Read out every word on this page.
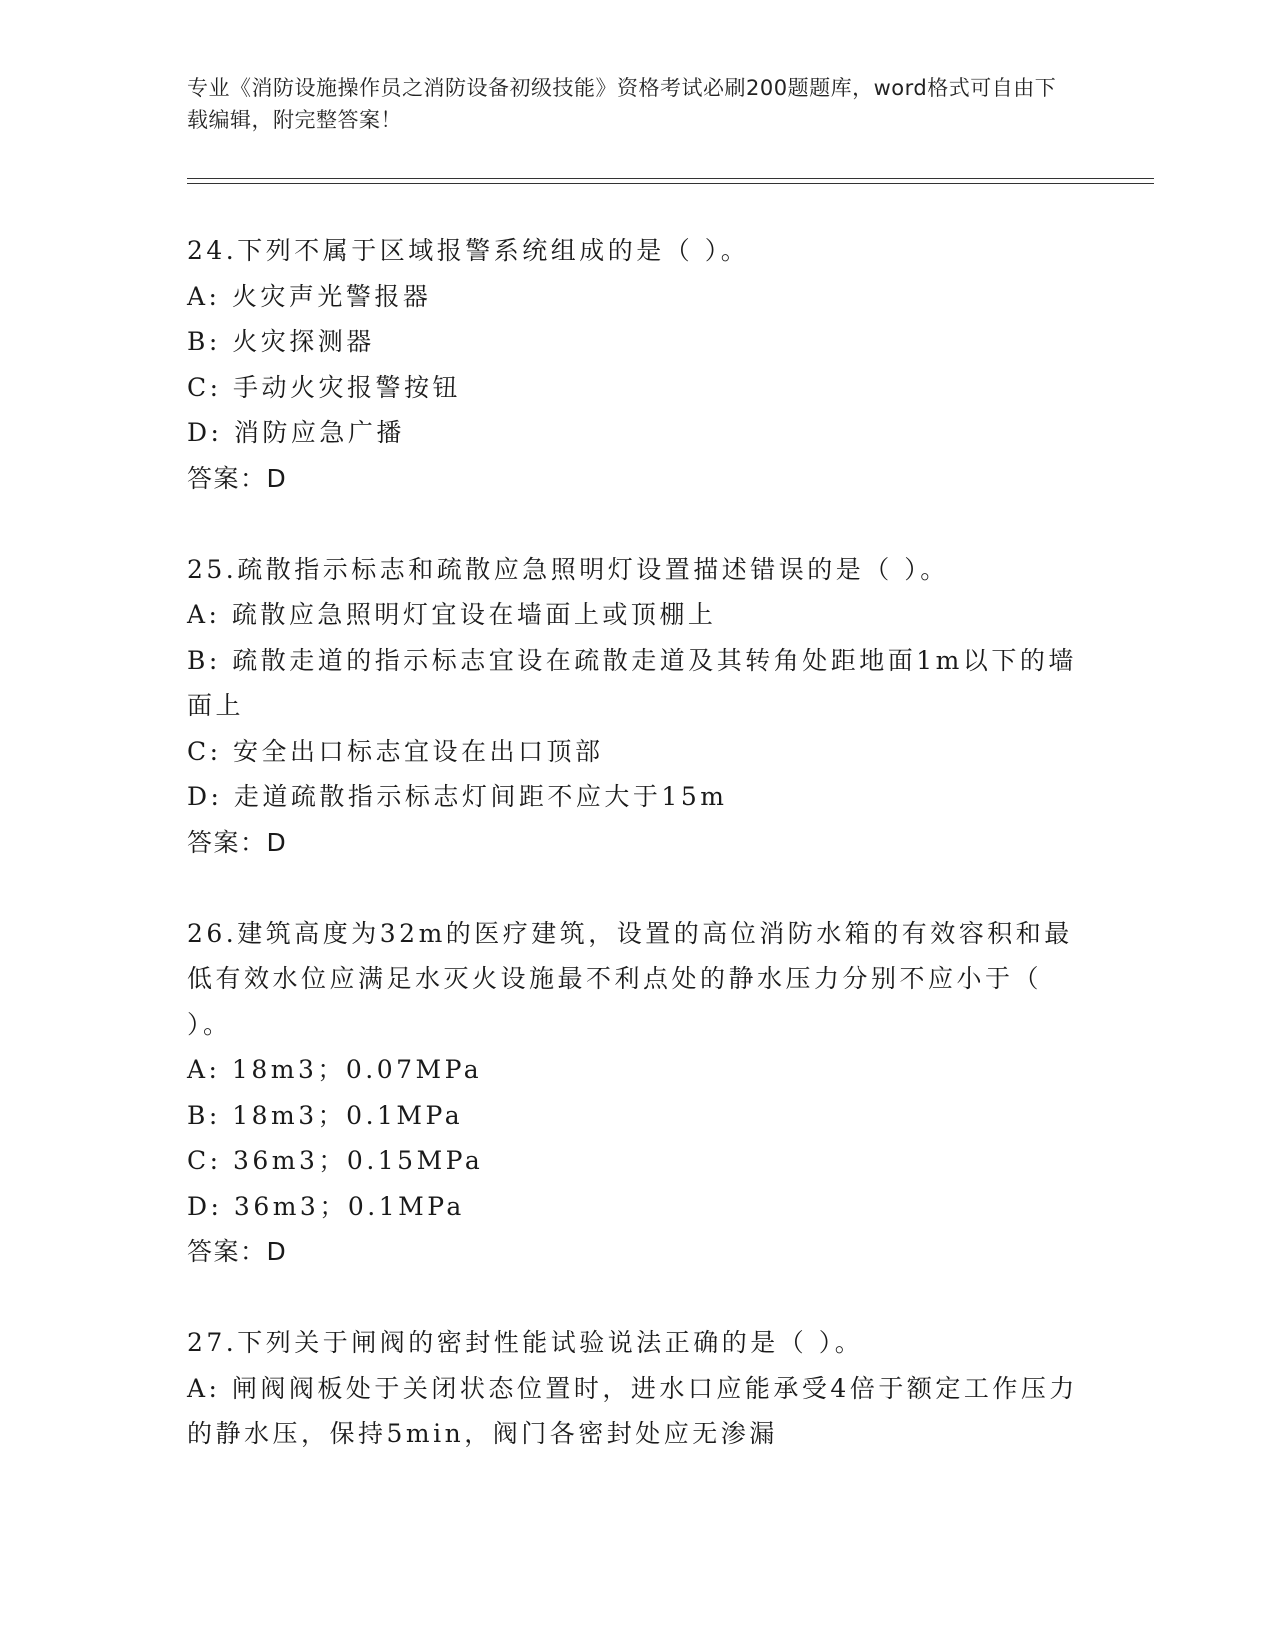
专业《消防设施操作员之消防设备初级技能》资格考试必刷200题题库，word格式可自由下载编辑，附完整答案！
24.下列不属于区域报警系统组成的是（ ）。
A: 火灾声光警报器
B: 火灾探测器
C: 手动火灾报警按钮
D: 消防应急广播
答案：D
25.疏散指示标志和疏散应急照明灯设置描述错误的是（ ）。
A: 疏散应急照明灯宜设在墙面上或顶棚上
B: 疏散走道的指示标志宜设在疏散走道及其转角处距地面1m以下的墙面上
C: 安全出口标志宜设在出口顶部
D: 走道疏散指示标志灯间距不应大于15m
答案：D
26.建筑高度为32m的医疗建筑，设置的高位消防水箱的有效容积和最低有效水位应满足水灭火设施最不利点处的静水压力分别不应小于（ ）。
A: 18m3；0.07MPa
B: 18m3；0.1MPa
C: 36m3；0.15MPa
D: 36m3；0.1MPa
答案：D
27.下列关于闸阀的密封性能试验说法正确的是（ ）。
A: 闸阀阀板处于关闭状态位置时，进水口应能承受4倍于额定工作压力的静水压，保持5min，阀门各密封处应无渗漏
